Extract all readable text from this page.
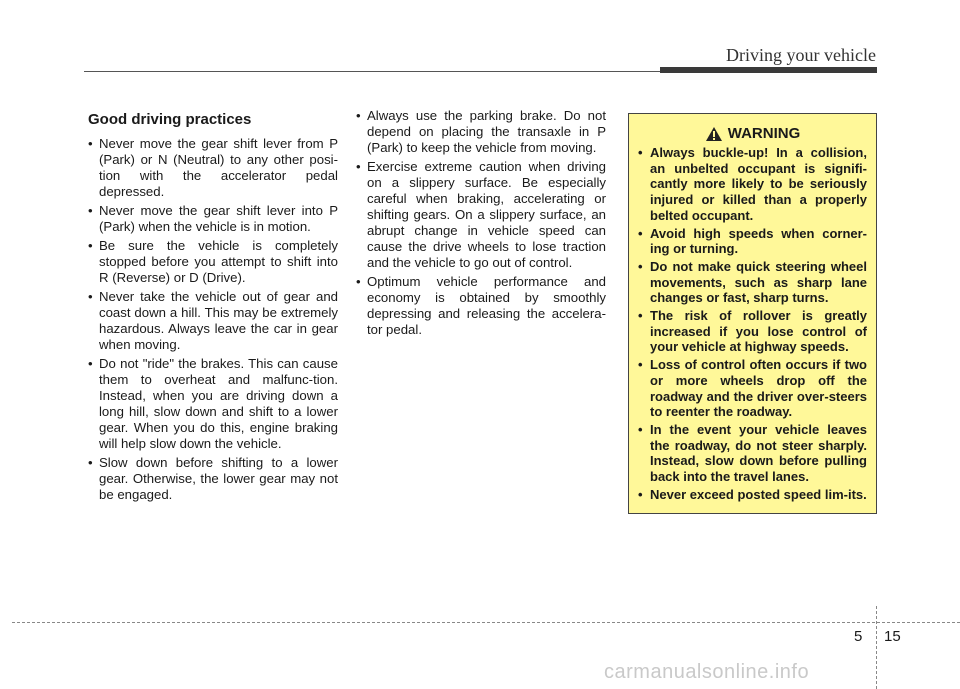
Driving your vehicle
Good driving practices
• Never move the gear shift lever from P (Park) or N (Neutral) to any other posi-tion with the accelerator pedal depressed.
• Never move the gear shift lever into P (Park) when the vehicle is in motion.
• Be sure the vehicle is completely stopped before you attempt to shift into R (Reverse) or D (Drive).
• Never take the vehicle out of gear and coast down a hill. This may be extremely hazardous. Always leave the car in gear when moving.
• Do not "ride" the brakes. This can cause them to overheat and malfunc-tion. Instead, when you are driving down a long hill, slow down and shift to a lower gear. When you do this, engine braking will help slow down the vehicle.
• Slow down before shifting to a lower gear. Otherwise, the lower gear may not be engaged.
• Always use the parking brake. Do not depend on placing the transaxle in P (Park) to keep the vehicle from moving.
• Exercise extreme caution when driving on a slippery surface. Be especially careful when braking, accelerating or shifting gears. On a slippery surface, an abrupt change in vehicle speed can cause the drive wheels to lose traction and the vehicle to go out of control.
• Optimum vehicle performance and economy is obtained by smoothly depressing and releasing the accelera-tor pedal.
WARNING
• Always buckle-up! In a collision, an unbelted occupant is signifi-cantly more likely to be seriously injured or killed than a properly belted occupant.
• Avoid high speeds when corner-ing or turning.
• Do not make quick steering wheel movements, such as sharp lane changes or fast, sharp turns.
• The risk of rollover is greatly increased if you lose control of your vehicle at highway speeds.
• Loss of control often occurs if two or more wheels drop off the roadway and the driver over-steers to reenter the roadway.
• In the event your vehicle leaves the roadway, do not steer sharply. Instead, slow down before pulling back into the travel lanes.
• Never exceed posted speed lim-its.
5 15
carmanualsonline.info
